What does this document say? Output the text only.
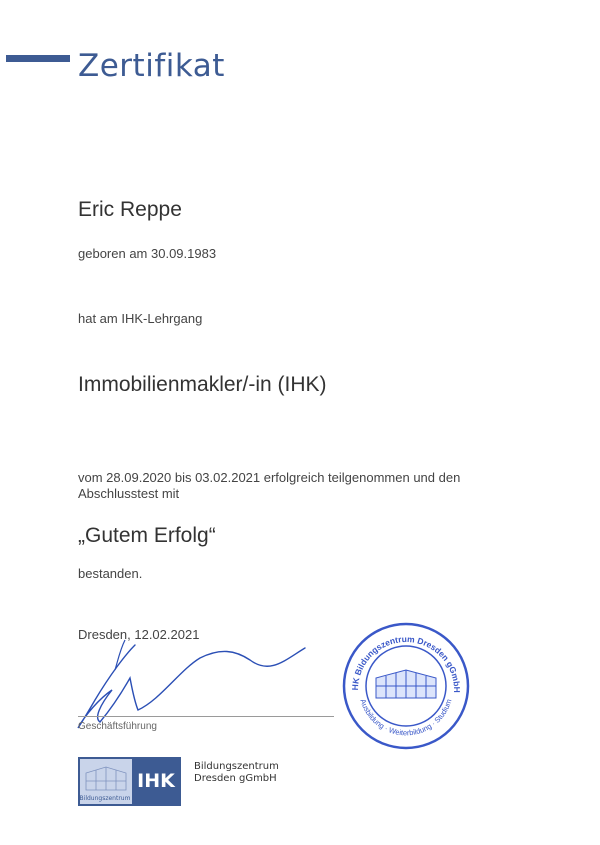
Zertifikat
Eric Reppe
geboren am 30.09.1983
hat am IHK-Lehrgang
Immobilienmakler/-in (IHK)
vom 28.09.2020 bis 03.02.2021 erfolgreich teilgenommen und den
Abschlusstest mit
„Gutem Erfolg“
bestanden.
Dresden, 12.02.2021
Geschäftsführung
HK Bildungszentrum Dresden gGmbH
Ausbildung · Weiterbildung · Studium
Bildungszentrum
IHK
Bildungszentrum
Dresden gGmbH
